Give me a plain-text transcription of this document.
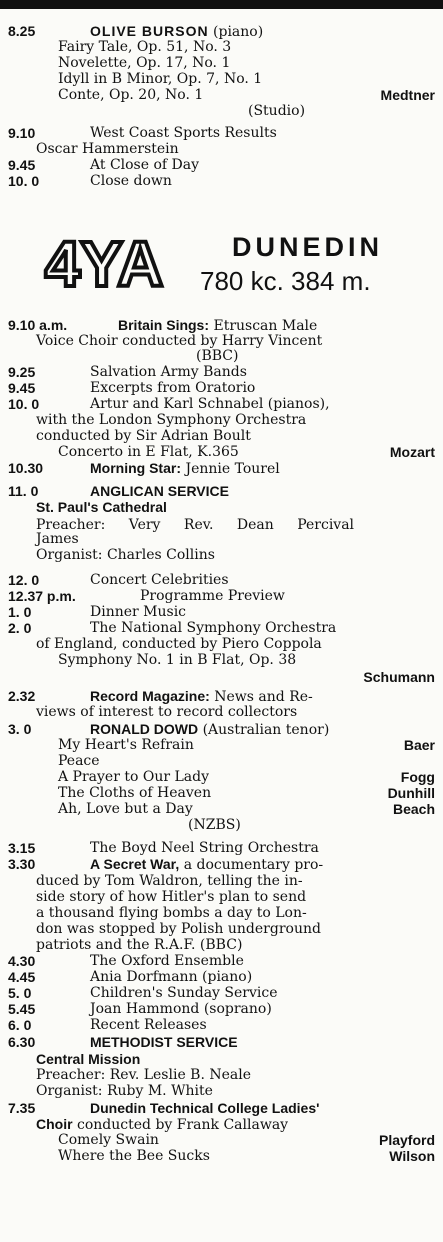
8.25	OLIVE BURSON (piano)
Fairy Tale, Op. 51, No. 3
Novelette, Op. 17, No. 1
Idyll in B Minor, Op. 7, No. 1
Conte, Op. 20, No. 1	Medtner
(Studio)
9.10	West Coast Sports Results
Oscar Hammerstein
9.45	At Close of Day
10. 0	Close down
4YA	DUNEDIN
780 kc. 384 m.
9.10 a.m.	Britain Sings: Etruscan Male
Voice Choir conducted by Harry Vincent
(BBC)
9.25	Salvation Army Bands
9.45	Excerpts from Oratorio
10. 0	Artur and Karl Schnabel (pianos),
with the London Symphony Orchestra
conducted by Sir Adrian Boult
Concerto in E Flat, K.365	Mozart
10.30	Morning Star: Jennie Tourel
11. 0	ANGLICAN SERVICE
St. Paul's Cathedral
Preacher: Very Rev. Dean Percival
James
Organist: Charles Collins
12. 0	Concert Celebrities
12.37 p.m.	Programme Preview
1. 0	Dinner Music
2. 0	The National Symphony Orchestra
of England, conducted by Piero Coppola
Symphony No. 1 in B Flat, Op. 38
Schumann
2.32	Record Magazine: News and Re-
views of interest to record collectors
3. 0	RONALD DOWD (Australian tenor)
My Heart's Refrain	Baer
Peace
A Prayer to Our Lady	Fogg
The Cloths of Heaven	Dunhill
Ah, Love but a Day	Beach
(NZBS)
3.15	The Boyd Neel String Orchestra
3.30	A Secret War, a documentary pro-
duced by Tom Waldron, telling the in-
side story of how Hitler's plan to send
a thousand flying bombs a day to Lon-
don was stopped by Polish underground
patriots and the R.A.F. (BBC)
4.30	The Oxford Ensemble
4.45	Ania Dorfmann (piano)
5. 0	Children's Sunday Service
5.45	Joan Hammond (soprano)
6. 0	Recent Releases
6.30	METHODIST SERVICE
Central Mission
Preacher: Rev. Leslie B. Neale
Organist: Ruby M. White
7.35	Dunedin Technical College Ladies'
Choir conducted by Frank Callaway
Comely Swain	Playford
Where the Bee Sucks	Wilson
